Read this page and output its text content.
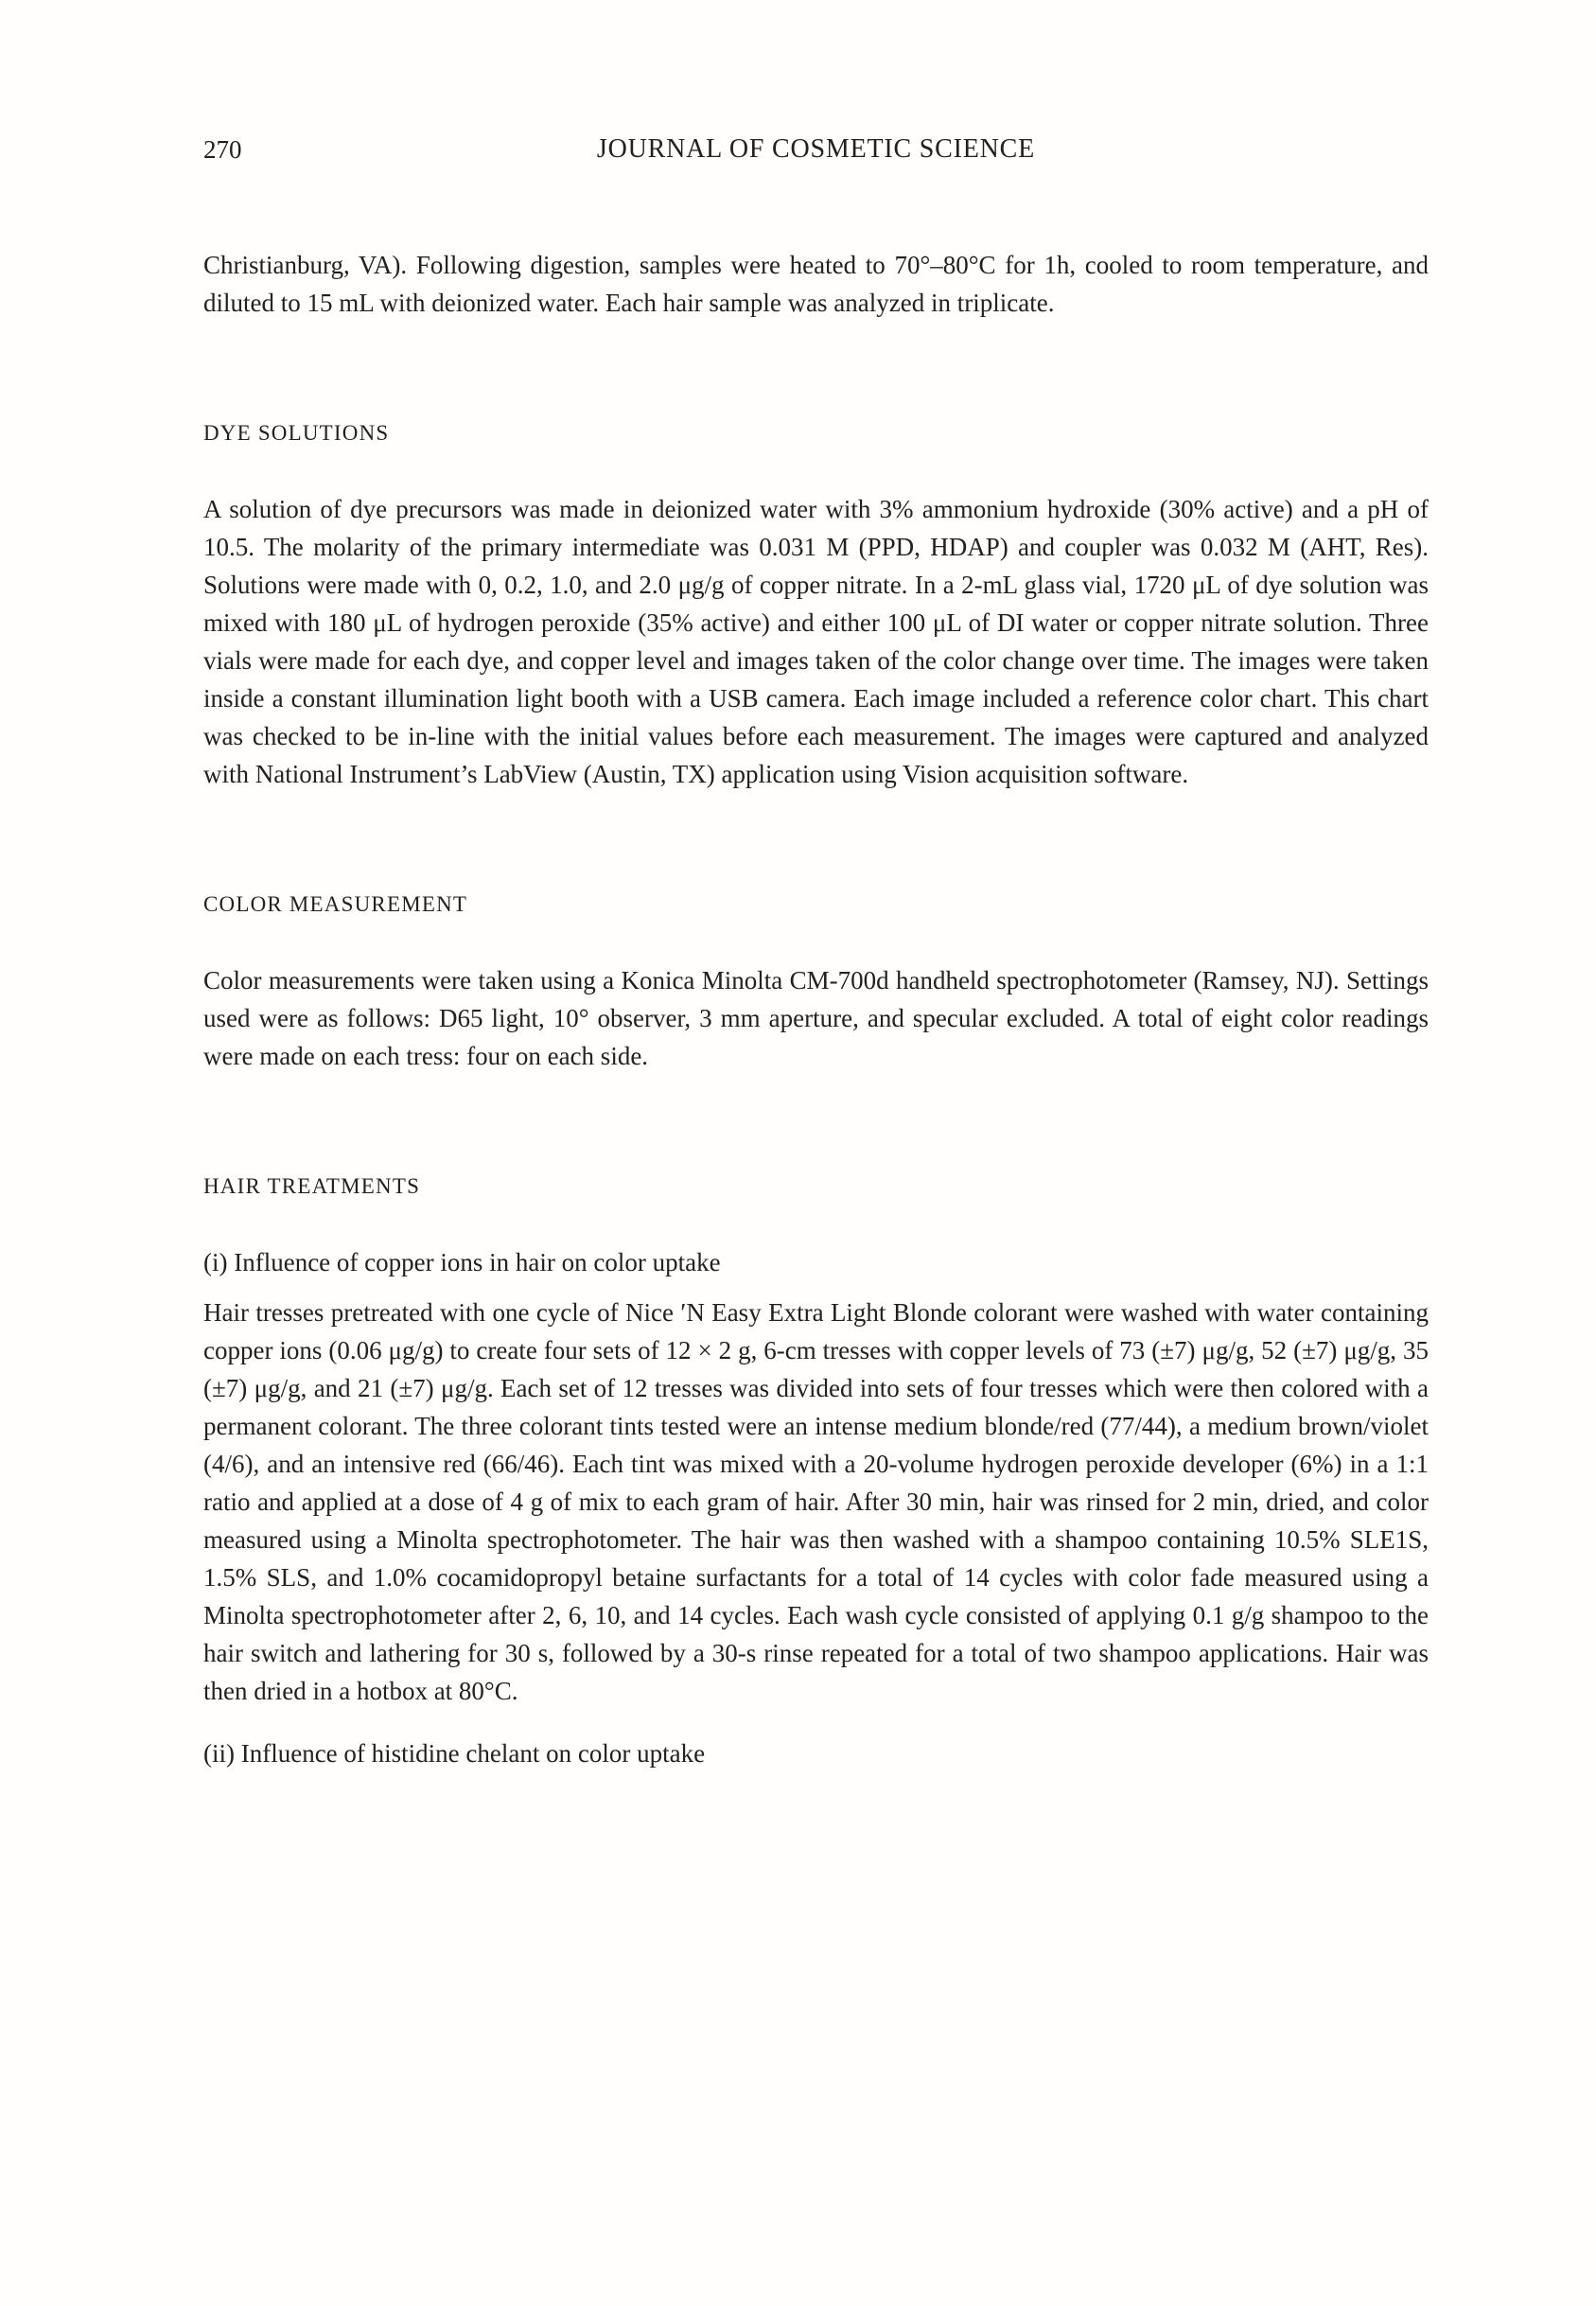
270	JOURNAL OF COSMETIC SCIENCE

Christianburg, VA). Following digestion, samples were heated to 70°–80°C for 1h, cooled to room temperature, and diluted to 15 mL with deionized water. Each hair sample was analyzed in triplicate.

DYE SOLUTIONS

A solution of dye precursors was made in deionized water with 3% ammonium hydroxide (30% active) and a pH of 10.5. The molarity of the primary intermediate was 0.031 M (PPD, HDAP) and coupler was 0.032 M (AHT, Res). Solutions were made with 0, 0.2, 1.0, and 2.0 μg/g of copper nitrate. In a 2-mL glass vial, 1720 μL of dye solution was mixed with 180 μL of hydrogen peroxide (35% active) and either 100 μL of DI water or copper nitrate solution. Three vials were made for each dye, and copper level and images taken of the color change over time. The images were taken inside a constant illumination light booth with a USB camera. Each image included a reference color chart. This chart was checked to be in-line with the initial values before each measurement. The images were captured and analyzed with National Instrument’s LabView (Austin, TX) application using Vision acquisition software.

COLOR MEASUREMENT

Color measurements were taken using a Konica Minolta CM-700d handheld spectrophotometer (Ramsey, NJ). Settings used were as follows: D65 light, 10° observer, 3 mm aperture, and specular excluded. A total of eight color readings were made on each tress: four on each side.

HAIR TREATMENTS

(i) Influence of copper ions in hair on color uptake

Hair tresses pretreated with one cycle of Nice ′N Easy Extra Light Blonde colorant were washed with water containing copper ions (0.06 μg/g) to create four sets of 12 × 2 g, 6-cm tresses with copper levels of 73 (±7) μg/g, 52 (±7) μg/g, 35 (±7) μg/g, and 21 (±7) μg/g. Each set of 12 tresses was divided into sets of four tresses which were then colored with a permanent colorant. The three colorant tints tested were an intense medium blonde/red (77/44), a medium brown/violet (4/6), and an intensive red (66/46). Each tint was mixed with a 20-volume hydrogen peroxide developer (6%) in a 1:1 ratio and applied at a dose of 4 g of mix to each gram of hair. After 30 min, hair was rinsed for 2 min, dried, and color measured using a Minolta spectrophotometer. The hair was then washed with a shampoo containing 10.5% SLE1S, 1.5% SLS, and 1.0% cocamidopropyl betaine surfactants for a total of 14 cycles with color fade measured using a Minolta spectrophotometer after 2, 6, 10, and 14 cycles. Each wash cycle consisted of applying 0.1 g/g shampoo to the hair switch and lathering for 30 s, followed by a 30-s rinse repeated for a total of two shampoo applications. Hair was then dried in a hotbox at 80°C.

(ii) Influence of histidine chelant on color uptake
